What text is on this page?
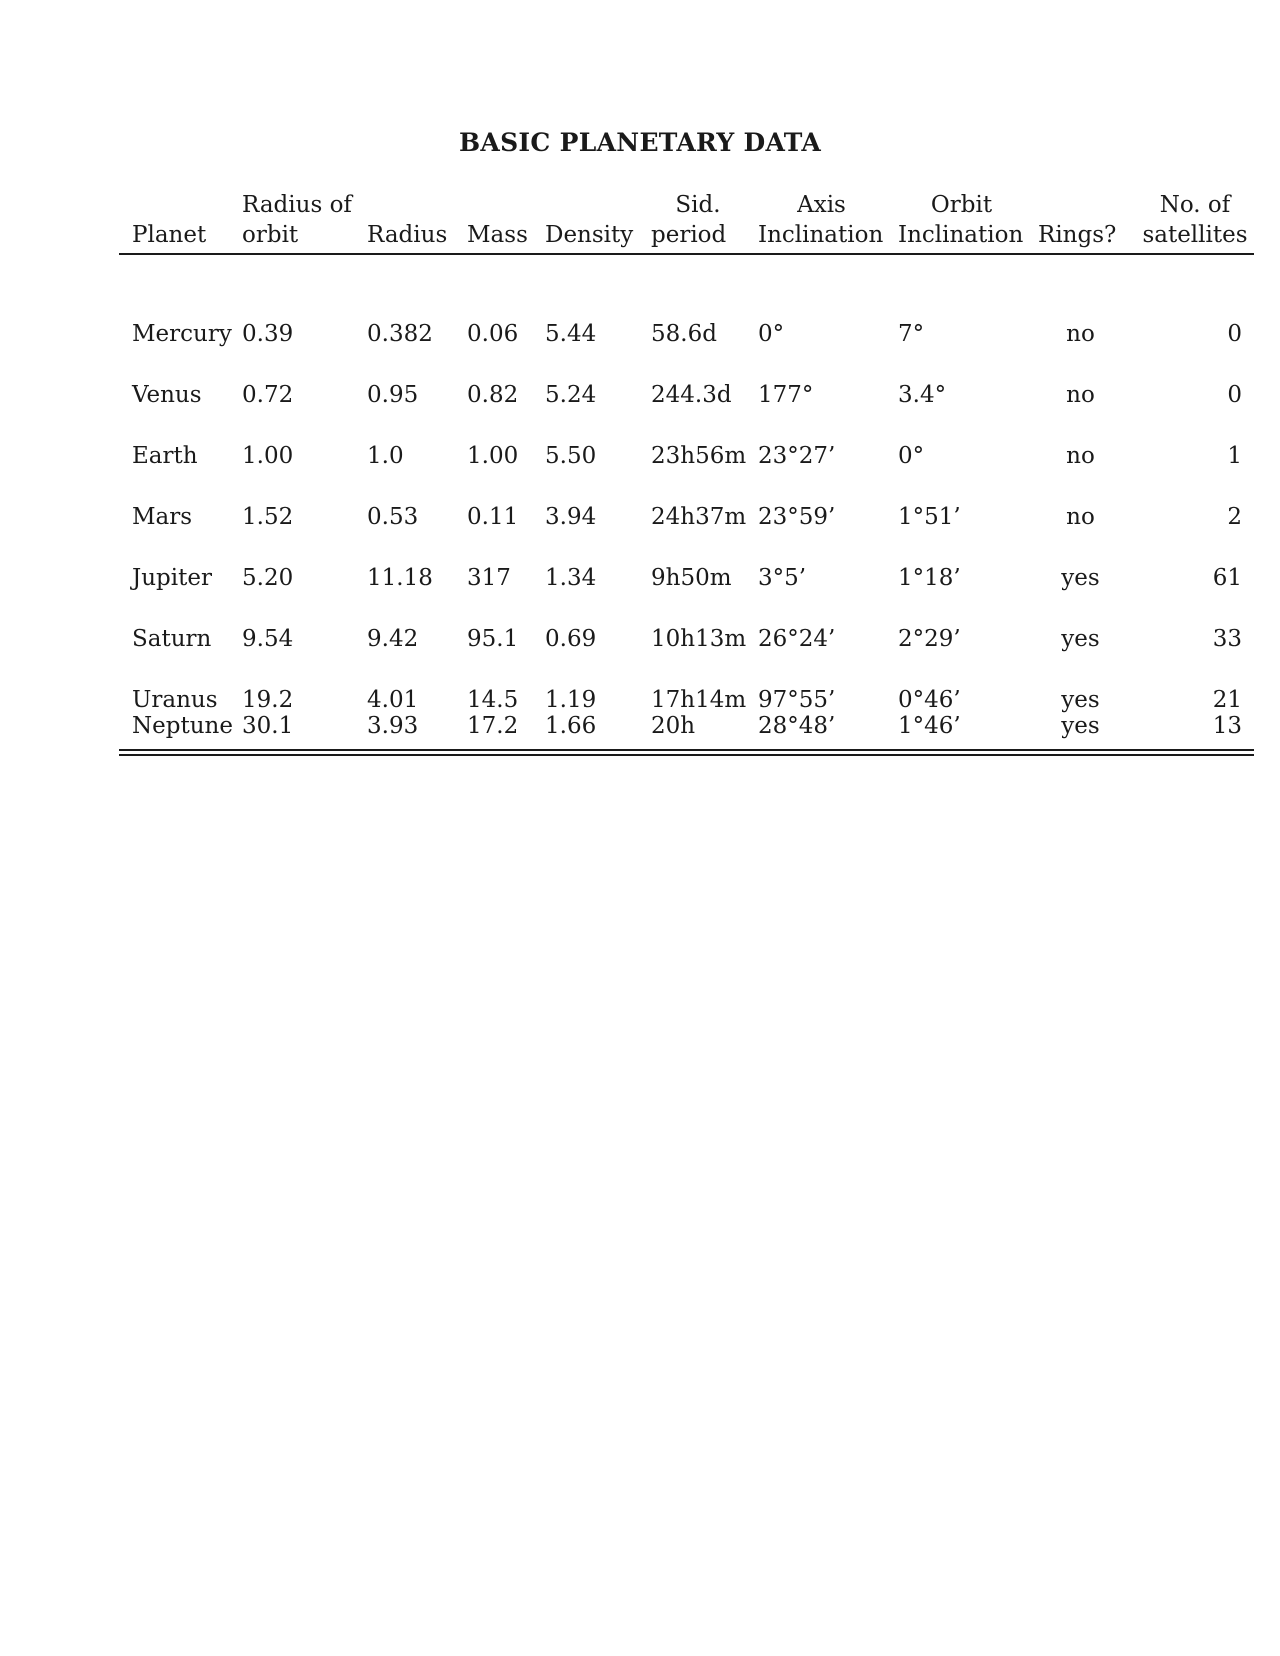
BASIC PLANETARY DATA
	Radius of				Sid.	Axis	Orbit		No. of
Planet	orbit	Radius	Mass	Density	period	Inclination	Inclination	Rings?	satellites

Mercury	0.39	0.382	0.06	5.44	58.6d	0°	7°	no	0
Venus	0.72	0.95	0.82	5.24	244.3d	177°	3.4°	no	0
Earth	1.00	1.0	1.00	5.50	23h56m	23°27’	0°	no	1
Mars	1.52	0.53	0.11	3.94	24h37m	23°59’	1°51’	no	2
Jupiter	5.20	11.18	317	1.34	9h50m	3°5’	1°18’	yes	61
Saturn	9.54	9.42	95.1	0.69	10h13m	26°24’	2°29’	yes	33
Uranus	19.2	4.01	14.5	1.19	17h14m	97°55’	0°46’	yes	21
Neptune	30.1	3.93	17.2	1.66	20h	28°48’	1°46’	yes	13
